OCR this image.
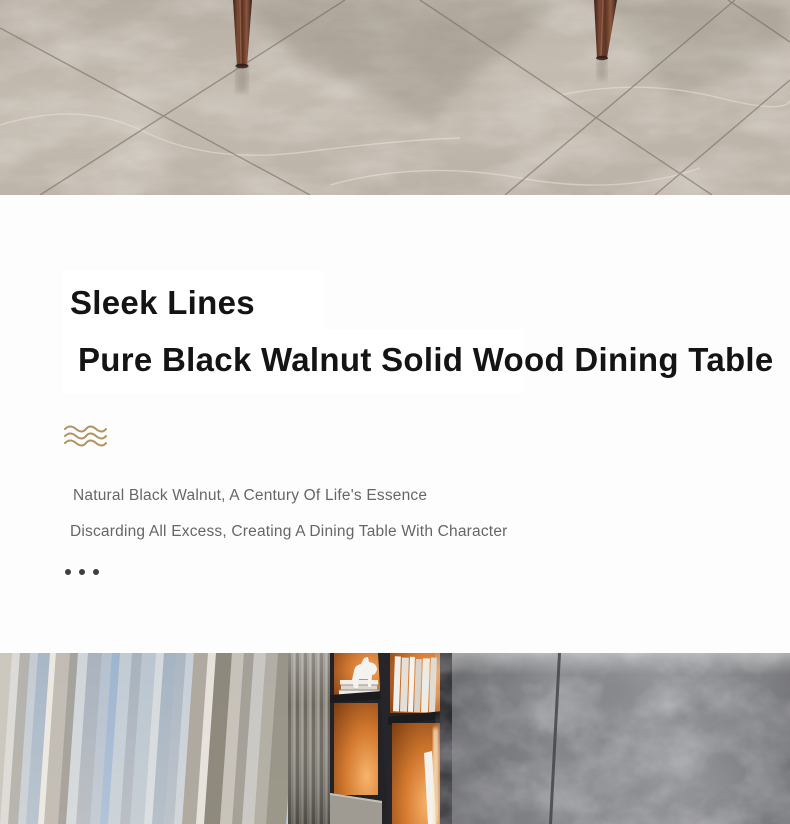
Sleek Lines
Pure Black Walnut Solid Wood Dining Table

Natural Black Walnut, A Century Of Life's Essence

Discarding All Excess, Creating A Dining Table With Character
